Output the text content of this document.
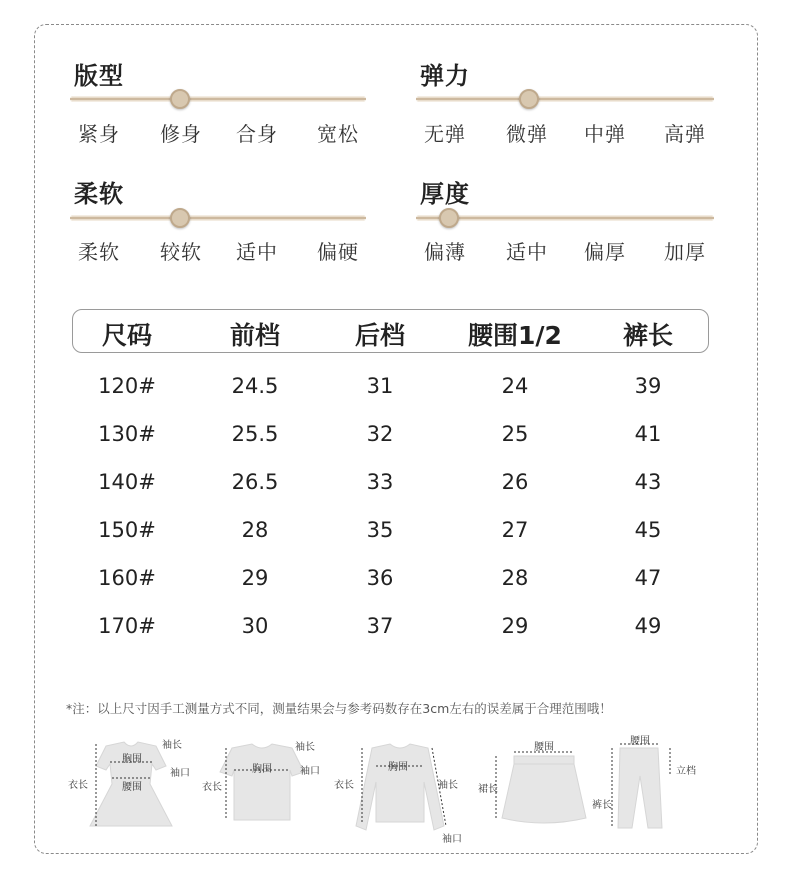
版型
紧身 修身 合身 宽松
弹力
无弹 微弹 中弹 高弹
柔软
柔软 较软 适中 偏硬
厚度
偏薄 适中 偏厚 加厚
尺码	前档	后档	腰围1/2	裤长
120#	24.5	31	24	39
130#	25.5	32	25	41
140#	26.5	33	26	43
150#	28	35	27	45
160#	29	36	28	47
170#	30	37	29	49
*注：以上尺寸因手工测量方式不同，测量结果会与参考码数存在3cm左右的误差属于合理范围哦！
胸围
袖长
袖口
衣长	腰围
袖长
胸围	袖口
衣长
胸围
衣长	袖长
袖口
腰围
裙长
腰围
立档
裤长
